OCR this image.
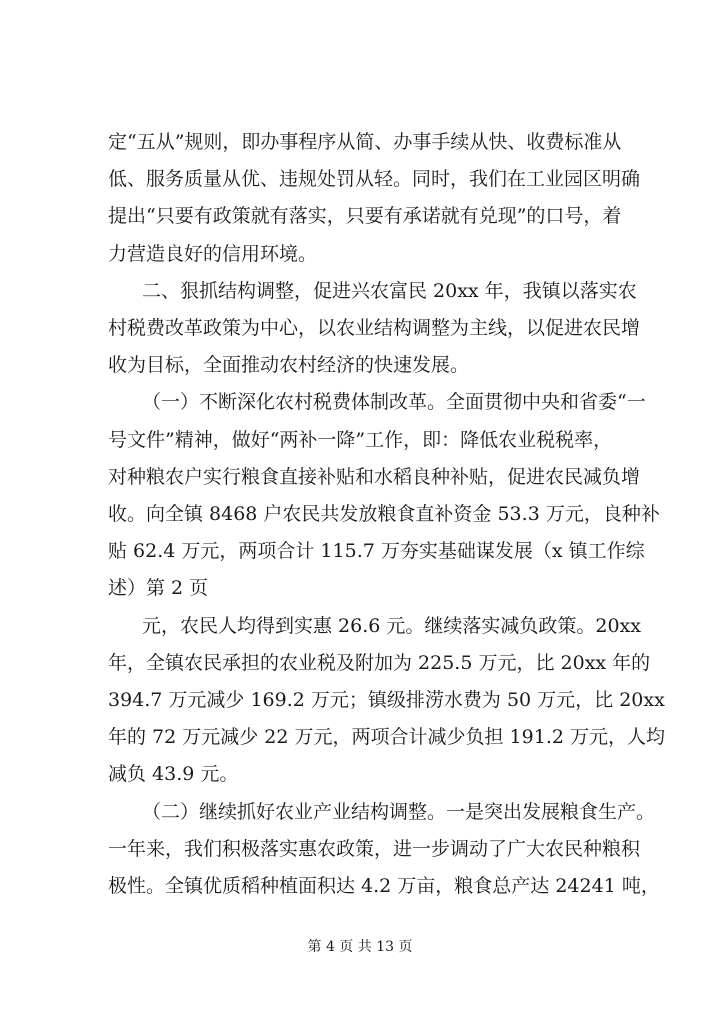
定“五从”规则，即办事程序从简、办事手续从快、收费标准从
低、服务质量从优、违规处罚从轻。同时，我们在工业园区明确
提出“只要有政策就有落实，只要有承诺就有兑现”的口号，着
力营造良好的信用环境。
二、狠抓结构调整，促进兴农富民 20xx 年，我镇以落实农
村税费改革政策为中心，以农业结构调整为主线，以促进农民增
收为目标，全面推动农村经济的快速发展。
（一）不断深化农村税费体制改革。全面贯彻中央和省委“一
号文件”精神，做好“两补一降”工作，即：降低农业税税率，
对种粮农户实行粮食直接补贴和水稻良种补贴，促进农民减负增
收。向全镇 8468 户农民共发放粮食直补资金 53.3 万元，良种补
贴 62.4 万元，两项合计 115.7 万夯实基础谋发展（x 镇工作综
述）第 2 页
元，农民人均得到实惠 26.6 元。继续落实减负政策。20xx
年，全镇农民承担的农业税及附加为 225.5 万元，比 20xx 年的
394.7 万元减少 169.2 万元；镇级排涝水费为 50 万元，比 20xx
年的 72 万元减少 22 万元，两项合计减少负担 191.2 万元，人均
减负 43.9 元。
（二）继续抓好农业产业结构调整。一是突出发展粮食生产。
一年来，我们积极落实惠农政策，进一步调动了广大农民种粮积
极性。全镇优质稻种植面积达 4.2 万亩，粮食总产达 24241 吨，
第 4 页 共 13 页
